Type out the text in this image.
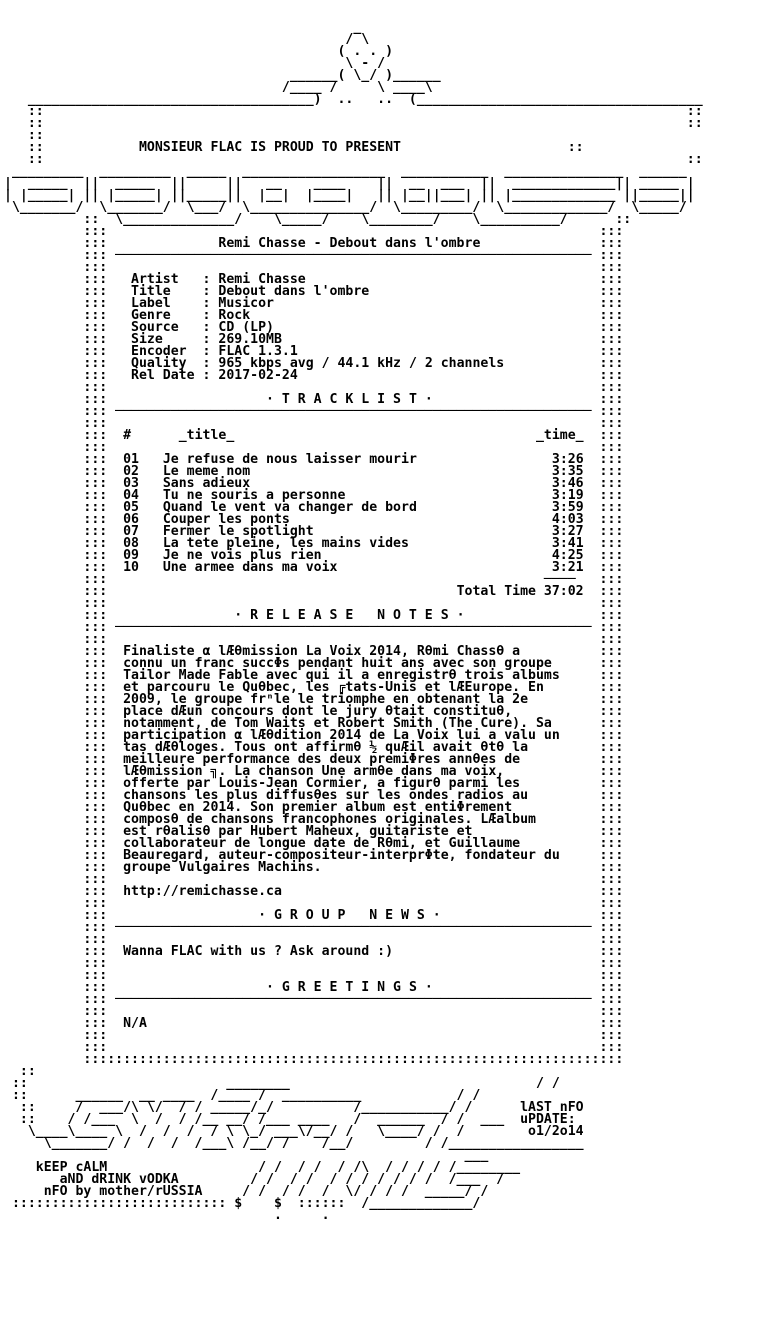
_
/ \
( . . )
\ - /
______( \_/ )______
/____ /     \ ____\
____________________________________)  ..   ..  (____________________________________
::                                                                                 ::
::                                                                                 ::
::
::            MONSIEUR FLAC IS PROUD TO PRESENT	::
::                                                                                 ::
_________  _________  _____  __________________  ___________  _______________  ______
|  _____  ||  _____  ||     ||   __    ____    ||  __  ___  ||  _____________|| _____ |
| |_____| || |_____| ||_____||  |__|  |____|   || |__||___| || |_____________ ||_____||
\_______/  \_______/  \___/  \_______________/  \_________/  \_____________/  \_____/
::  \______________/    \_____/    \________/    \__________/      ::
:::	:::
:::              Remi Chasse - Debout dans l'ombre	:::
::: ──────────────────────────────────────────────────────────── :::
:::	:::
:::   Artist   : Remi Chasse	:::
:::   Title    : Debout dans l'ombre	:::
:::   Label    : Musicor	:::
:::   Genre    : Rock	:::
:::   Source   : CD (LP)	:::
:::   Size     : 269.10MB	:::
:::   Encoder  : FLAC 1.3.1	:::
:::   Quality  : 965 kbps avg / 44.1 kHz / 2 channels	:::
:::   Rel Date : 2017-02-24	:::
:::	:::
:::                    · T R A C K L I S T ·	:::
::: ──────────────────────────────────────────────────────────── :::
:::	:::
:::  #	_title_	_time_  :::
:::	:::
:::  01 Je refuse de nous laisser mourir	3:26  :::
:::  02 Le meme nom	3:35  :::
:::  03 Sans adieux	3:46  :::
:::  04 Tu ne souris a personne	3:19  :::
:::  05 Quand le vent va changer de bord	3:59  :::
:::  06 Couper les ponts	4:03  :::
:::  07 Fermer le spotlight	3:27  :::
:::  08 La tete pleine, les mains vides	3:41  :::
:::  09 Je ne vois plus rien	4:25  :::
:::  10 Une armee dans ma voix	3:21  :::
:::                                                       ────   :::
:::                                            Total Time 37:02  :::
:::	:::
:::                · R E L E A S E   N O T E S ·	:::
::: ──────────────────────────────────────────────────────────── :::
:::	:::
:::  Finaliste α lÆθmission La Voix 2014, Rθmi Chassθ a	:::
:::  connu un franc succΦs pendant huit ans avec son groupe	:::
:::  Tailor Made Fable avec qui il a enregistrθ trois albums	:::
:::  et parcouru le Quθbec, les ╔tats-Unis et lÆEurope. En	:::
:::  2009, le groupe frⁿle le triomphe en obtenant la 2e	:::
:::  place dÆun concours dont le jury θtait constituθ,	:::
:::  notamment, de Tom Waits et Robert Smith (The Cure). Sa	:::
:::  participation α lÆθdition 2014 de La Voix lui a valu un	:::
:::  tas dÆθloges. Tous ont affirmθ ½ quÆil avait θtθ la	:::
:::  meilleure performance des deux premiΦres annθes de	:::
:::  lÆθmission ╗. La chanson Une armθe dans ma voix,	:::
:::  offerte par Louis-Jean Cormier, a figurθ parmi les	:::
:::  chansons les plus diffusθes sur les ondes radios au	:::
:::  Quθbec en 2014. Son premier album est entiΦrement	:::
:::  composθ de chansons francophones originales. LÆalbum	:::
:::  est rθalisθ par Hubert Maheux, guitariste et	:::
:::  collaborateur de longue date de Rθmi, et Guillaume	:::
:::  Beauregard, auteur-compositeur-interprΦte, fondateur du	:::
:::  groupe Vulgaires Machins.	:::
:::	:::
:::  http://remichasse.ca	:::
:::	:::
:::                   · G R O U P   N E W S ·	:::
::: ──────────────────────────────────────────────────────────── :::
:::	:::
:::  Wanna FLAC with us ? Ask around :)	:::
:::	:::
:::	:::
:::                    · G R E E T I N G S ·	:::
::: ──────────────────────────────────────────────────────────── :::
:::	:::
:::  N/A	:::
:::	:::
:::	:::
::::::::::::::::::::::::::::::::::::::::::::::::::::::::::::::::::::
::
::                         ________                               / /
::      ______  __ ____  /____ /  __________            / /
::     /  ___/\ \/  / / _____/_/          /___________/ /      lAST nFO
::    / /___  \  /  / /__ __/ /___ ____   /  ______  / /  ___  uPDATE:
\____\____ \  /  /  /  / \ \_/ ___\/__/ /   \____/ /  /        o1/2o14
\_______/ /  /  /  /___\ /__/ /    /__/         / /_________________
___
kEEP cALM                   / /  / /  / /\  / / / / /________
aND dRINK vODKA         / /  / /  / / / / / / /  /___  /
nFO by mother/rUSSIA     / /  / /  /  \/ / / /  _____/ /
::::::::::::::::::::::::::: $    $  ::::::  /_____________/
.     .
